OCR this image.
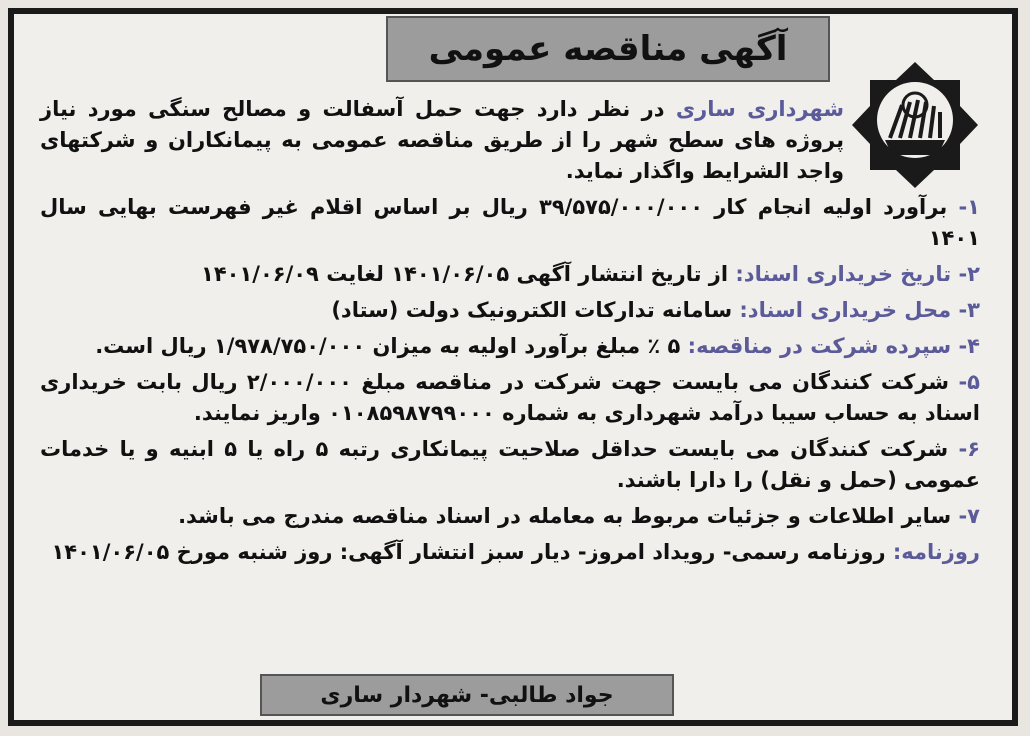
آگهی مناقصه عمومی

شهرداری ساری در نظر دارد جهت حمل آسفالت و مصالح سنگی مورد نیاز پروژه های سطح شهر را از طریق مناقصه عمومی به پیمانکاران و شرکتهای واجد الشرایط واگذار نماید.

۱- برآورد اولیه انجام کار ۳۹/۵۷۵/۰۰۰/۰۰۰ ریال بر اساس اقلام غیر فهرست بهایی سال ۱۴۰۱

۲- تاریخ خریداری اسناد: از تاریخ انتشار آگهی ۱۴۰۱/۰۶/۰۵ لغایت ۱۴۰۱/۰۶/۰۹

۳- محل خریداری اسناد: سامانه تدارکات الکترونیک دولت (ستاد)

۴- سپرده شرکت در مناقصه: ۵ ٪ مبلغ برآورد اولیه به میزان ۱/۹۷۸/۷۵۰/۰۰۰ ریال است.

۵- شرکت کنندگان می بایست جهت شرکت در مناقصه مبلغ ۲/۰۰۰/۰۰۰ ریال بابت خریداری اسناد به حساب سیبا درآمد شهرداری به شماره ۰۱۰۸۵۹۸۷۹۹۰۰۰ واریز نمایند.

۶- شرکت کنندگان می بایست حداقل صلاحیت پیمانکاری رتبه ۵ راه یا ۵ ابنیه و یا خدمات عمومی (حمل و نقل) را دارا باشند.

۷- سایر اطلاعات و جزئیات مربوط به معامله در اسناد مناقصه مندرج می باشد.

روزنامه: روزنامه رسمی- رویداد امروز- دیار سبز انتشار آگهی: روز شنبه مورخ ۱۴۰۱/۰۶/۰۵

جواد طالبی- شهردار ساری
